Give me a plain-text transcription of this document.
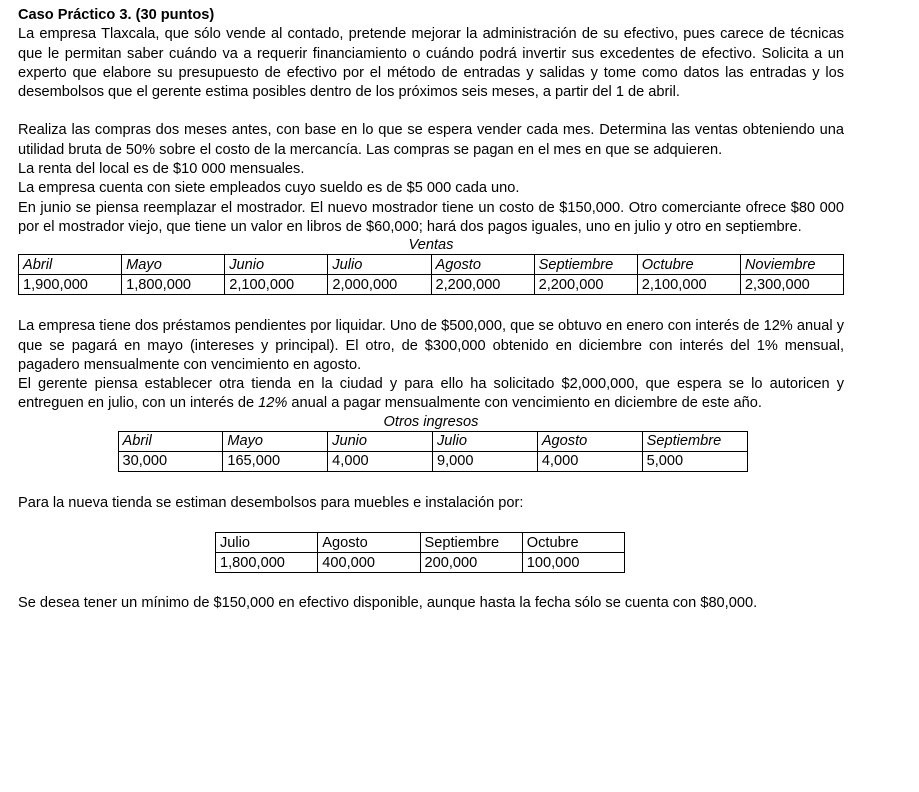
Caso Práctico 3. (30 puntos)

La empresa Tlaxcala, que sólo vende al contado, pretende mejorar la administración de su efectivo, pues carece de técnicas que le permitan saber cuándo va a requerir financiamiento o cuándo podrá invertir sus excedentes de efectivo. Solicita a un experto que elabore su presupuesto de efectivo por el método de entradas y salidas y tome como datos las entradas y los desembolsos que el gerente estima posibles dentro de los próximos seis meses, a partir del 1 de abril.

Realiza las compras dos meses antes, con base en lo que se espera vender cada mes. Determina las ventas obteniendo una utilidad bruta de 50% sobre el costo de la mercancía. Las compras se pagan en el mes en que se adquieren.

La renta del local es de $10 000 mensuales.

La empresa cuenta con siete empleados cuyo sueldo es de $5 000 cada uno.

En junio se piensa reemplazar el mostrador. El nuevo mostrador tiene un costo de $150,000. Otro comerciante ofrece $80 000 por el mostrador viejo, que tiene un valor en libros de $60,000; hará dos pagos iguales, uno en julio y otro en septiembre.

Ventas

Abril	Mayo	Junio	Julio	Agosto	Septiembre	Octubre	Noviembre
1,900,000	1,800,000	2,100,000	2,000,000	2,200,000	2,200,000	2,100,000	2,300,000

La empresa tiene dos préstamos pendientes por liquidar. Uno de $500,000, que se obtuvo en enero con interés de 12% anual y que se pagará en mayo (intereses y principal). El otro, de $300,000 obtenido en diciembre con interés del 1% mensual, pagadero mensualmente con vencimiento en agosto.

El gerente piensa establecer otra tienda en la ciudad y para ello ha solicitado $2,000,000, que espera se lo autoricen y entreguen en julio, con un interés de 12% anual a pagar mensualmente con vencimiento en diciembre de este año.

Otros ingresos

Abril	Mayo	Junio	Julio	Agosto	Septiembre
30,000	165,000	4,000	9,000	4,000	5,000

Para la nueva tienda se estiman desembolsos para muebles e instalación por:

Julio	Agosto	Septiembre	Octubre
1,800,000	400,000	200,000	100,000

Se desea tener un mínimo de $150,000 en efectivo disponible, aunque hasta la fecha sólo se cuenta con $80,000.
